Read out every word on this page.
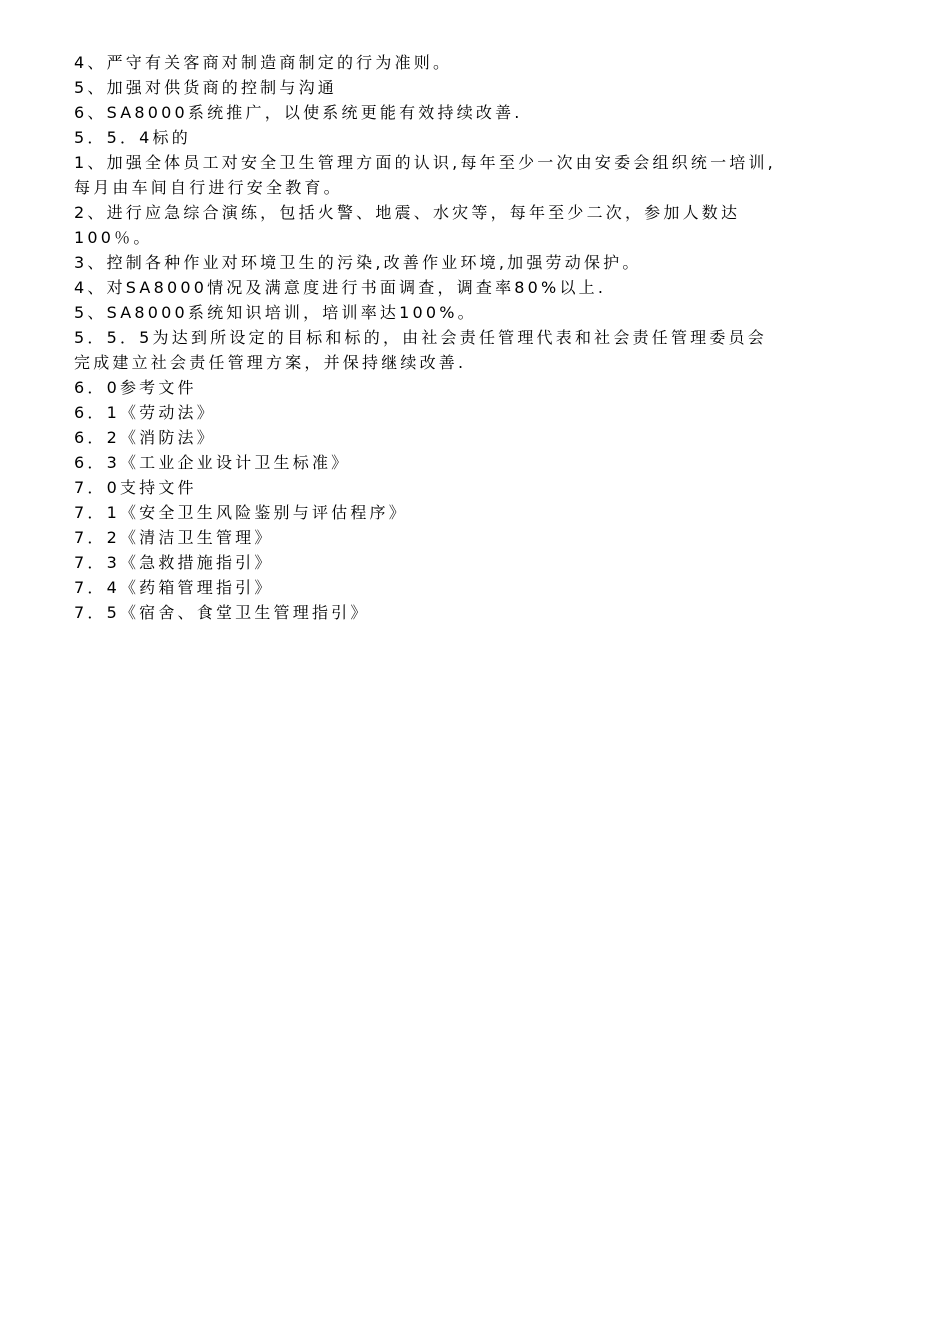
4、严守有关客商对制造商制定的行为准则。
5、加强对供货商的控制与沟通
6、SA8000系统推广，以使系统更能有效持续改善.
5．5．4标的
1、加强全体员工对安全卫生管理方面的认识,每年至少一次由安委会组织统一培训,
每月由车间自行进行安全教育。
2、进行应急综合演练，包括火警、地震、水灾等，每年至少二次，参加人数达
100％。
3、控制各种作业对环境卫生的污染,改善作业环境,加强劳动保护。
4、对SA8000情况及满意度进行书面调查，调查率80%以上.
5、SA8000系统知识培训，培训率达100%。
5．5．5为达到所设定的目标和标的，由社会责任管理代表和社会责任管理委员会
完成建立社会责任管理方案，并保持继续改善.
6．0参考文件
6．1《劳动法》
6．2《消防法》
6．3《工业企业设计卫生标准》
7．0支持文件
7．1《安全卫生风险鉴别与评估程序》
7．2《清洁卫生管理》
7．3《急救措施指引》
7．4《药箱管理指引》
7．5《宿舍、食堂卫生管理指引》
